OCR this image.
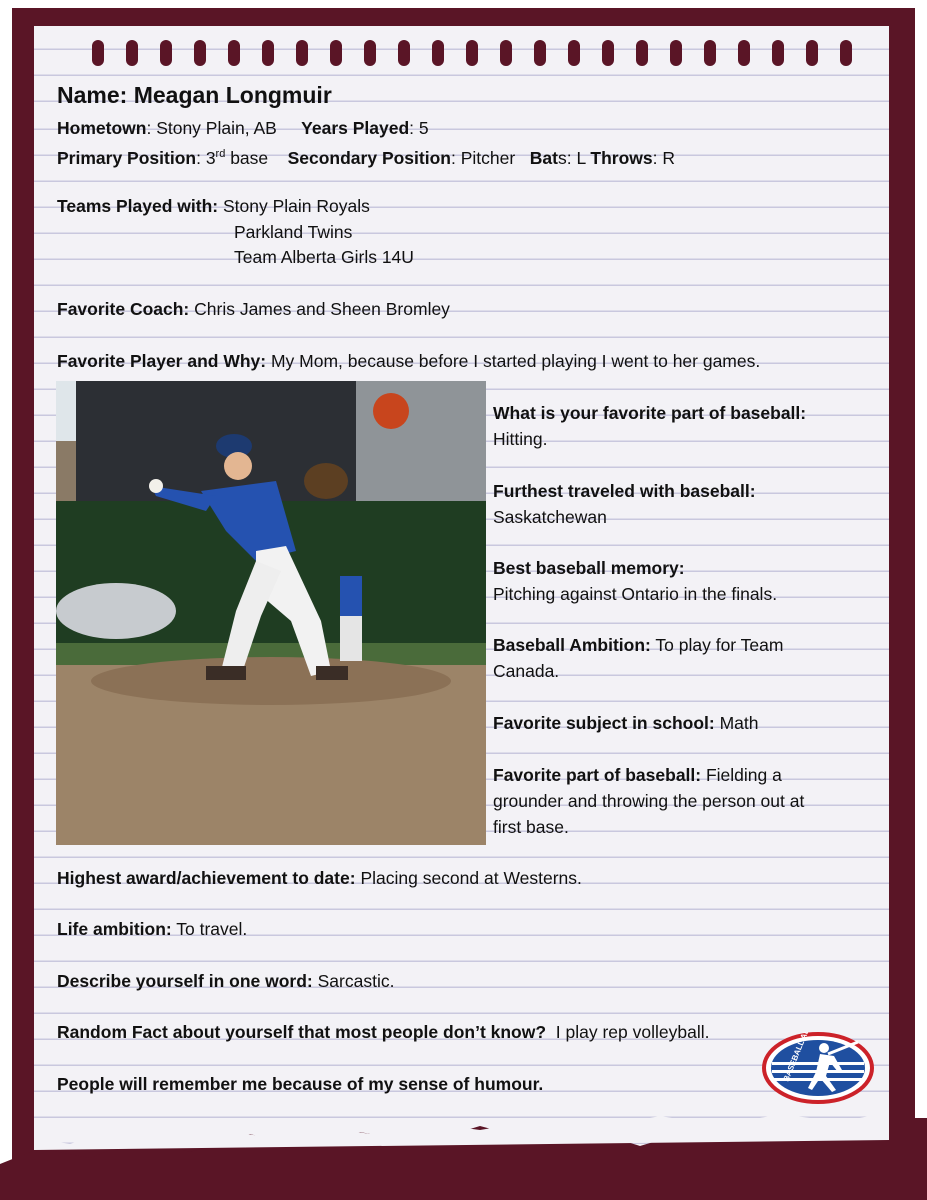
Name: Meagan Longmuir
Hometown: Stony Plain, AB Years Played: 5
Primary Position: 3rd base Secondary Position: Pitcher Bats: L Throws: R
Teams Played with: Stony Plain Royals
Parkland Twins
Team Alberta Girls 14U
Favorite Coach: Chris James and Sheen Bromley
Favorite Player and Why: My Mom, because before I started playing I went to her games.
What is your favorite part of baseball:
Hitting.
Furthest traveled with baseball:
Saskatchewan
Best baseball memory:
Pitching against Ontario in the finals.
Baseball Ambition: To play for Team
Canada.
Favorite subject in school: Math
Favorite part of baseball: Fielding a
grounder and throwing the person out at
first base.
Highest award/achievement to date: Placing second at Westerns.
Life ambition: To travel.
Describe yourself in one word: Sarcastic.
Random Fact about yourself that most people don’t know? I play rep volleyball.
People will remember me because of my sense of humour.
